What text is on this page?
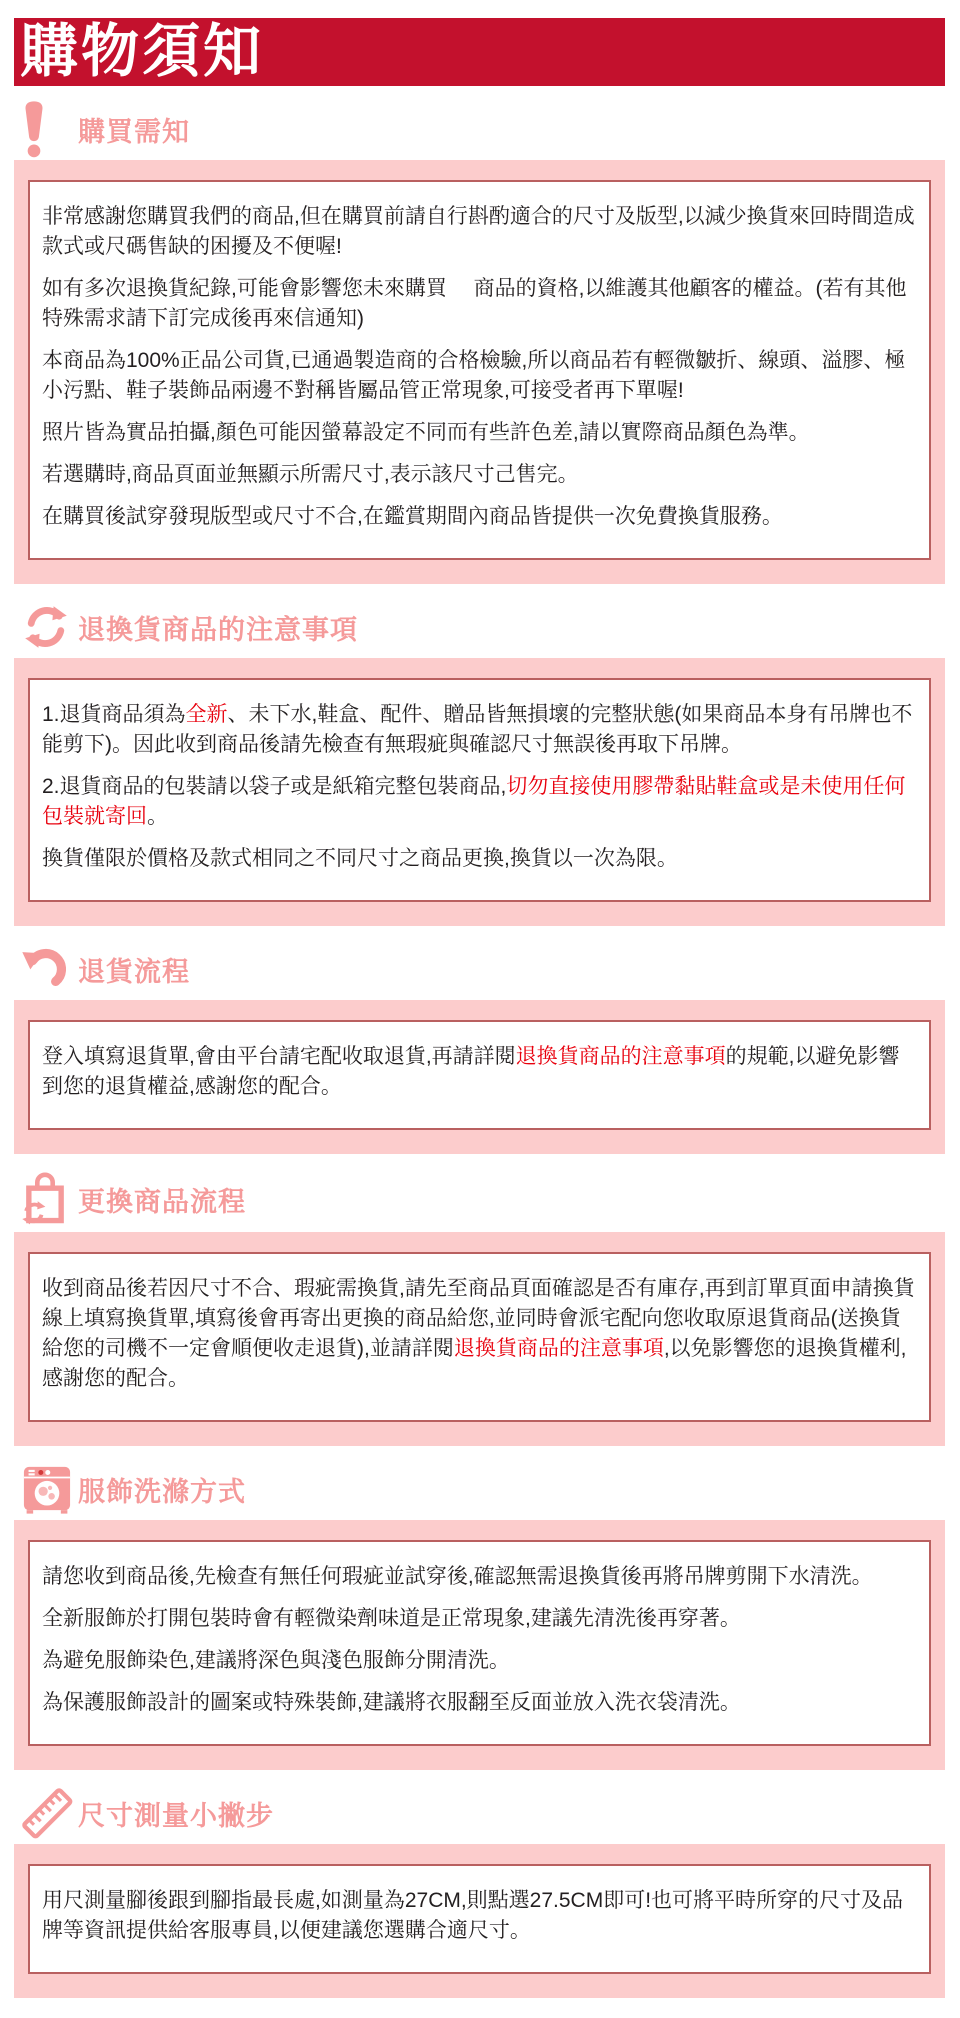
購物須知
購買需知

非常感謝您購買我們的商品,但在購買前請自行斟酌適合的尺寸及版型,以減少換貨來回時間造成款式或尺碼售缺的困擾及不便喔!

如有多次退換貨紀錄,可能會影響您未來購買　 商品的資格,以維護其他顧客的權益。(若有其他特殊需求請下訂完成後再來信通知)

本商品為100%正品公司貨,已通過製造商的合格檢驗,所以商品若有輕微皺折、線頭、溢膠、極小污點、鞋子裝飾品兩邊不對稱皆屬品管正常現象,可接受者再下單喔!

照片皆為實品拍攝,顏色可能因螢幕設定不同而有些許色差,請以實際商品顏色為準。

若選購時,商品頁面並無顯示所需尺寸,表示該尺寸己售完。

在購買後試穿發現版型或尺寸不合,在鑑賞期間內商品皆提供一次免費換貨服務。

退換貨商品的注意事項

1.退貨商品須為全新、未下水,鞋盒、配件、贈品皆無損壞的完整狀態(如果商品本身有吊牌也不能剪下)。因此收到商品後請先檢查有無瑕疵與確認尺寸無誤後再取下吊牌。

2.退貨商品的包裝請以袋子或是紙箱完整包裝商品,切勿直接使用膠帶黏貼鞋盒或是未使用任何包裝就寄回。

換貨僅限於價格及款式相同之不同尺寸之商品更換,換貨以一次為限。

退貨流程

登入填寫退貨單,會由平台請宅配收取退貨,再請詳閱退換貨商品的注意事項的規範,以避免影響到您的退貨權益,感謝您的配合。

更換商品流程

收到商品後若因尺寸不合、瑕疵需換貨,請先至商品頁面確認是否有庫存,再到訂單頁面申請換貨線上填寫換貨單,填寫後會再寄出更換的商品給您,並同時會派宅配向您收取原退貨商品(送換貨給您的司機不一定會順便收走退貨),並請詳閱退換貨商品的注意事項,以免影響您的退換貨權利,感謝您的配合。

服飾洗滌方式

請您收到商品後,先檢查有無任何瑕疵並試穿後,確認無需退換貨後再將吊牌剪開下水清洗。

全新服飾於打開包裝時會有輕微染劑味道是正常現象,建議先清洗後再穿著。

為避免服飾染色,建議將深色與淺色服飾分開清洗。

為保護服飾設計的圖案或特殊裝飾,建議將衣服翻至反面並放入洗衣袋清洗。

尺寸測量小撇步

用尺測量腳後跟到腳指最長處,如測量為27CM,則點選27.5CM即可!也可將平時所穿的尺寸及品牌等資訊提供給客服專員,以便建議您選購合適尺寸。
